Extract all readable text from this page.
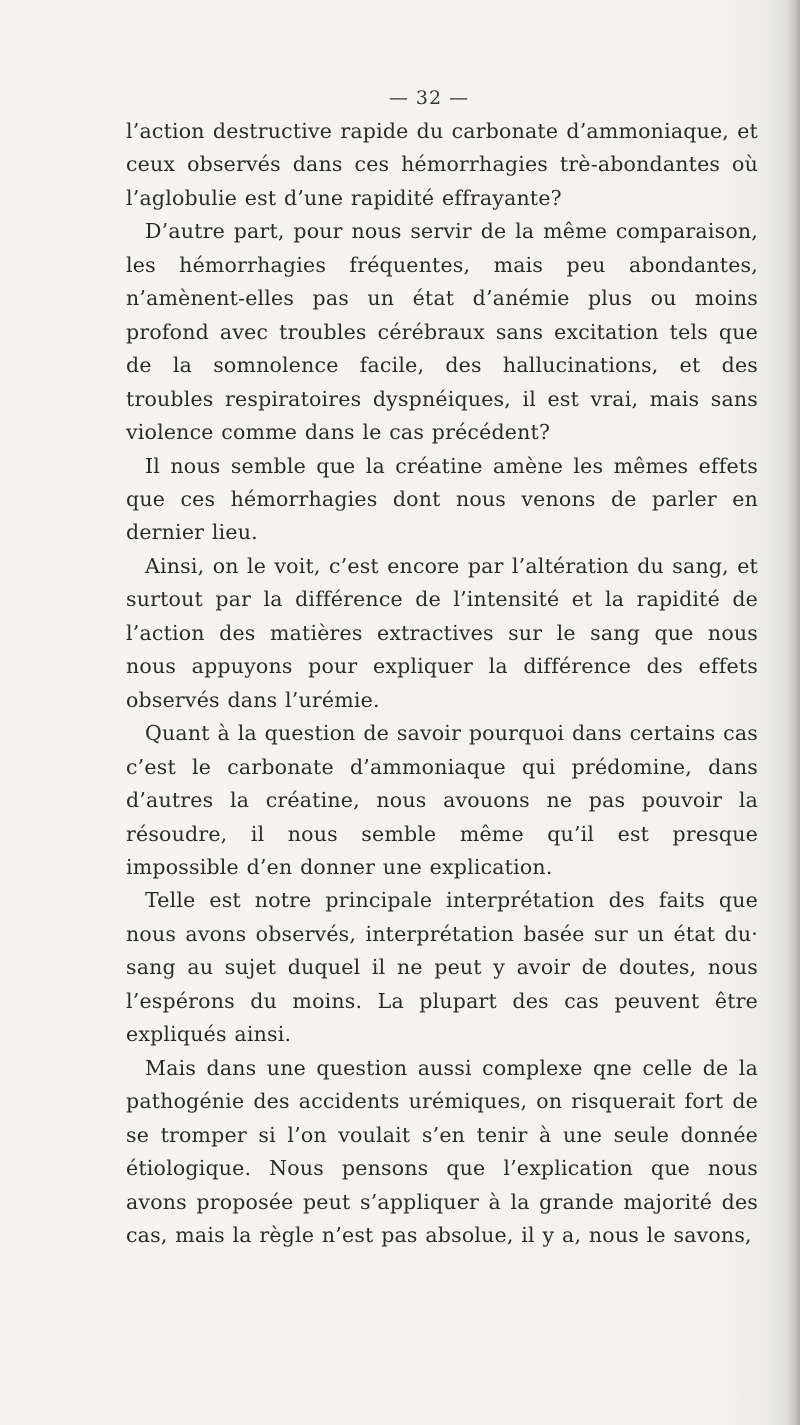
— 32 —

l’action destructive rapide du carbonate d’ammoniaque, et ceux observés dans ces hémorrhagies trè-abondantes où l’aglobulie est d’une rapidité effrayante?

D’autre part, pour nous servir de la même comparaison, les hémorrhagies fréquentes, mais peu abondantes, n’amènent-elles pas un état d’anémie plus ou moins profond avec troubles cérébraux sans excitation tels que de la somnolence facile, des hallucinations, et des troubles respiratoires dyspnéiques, il est vrai, mais sans violence comme dans le cas précédent?

Il nous semble que la créatine amène les mêmes effets que ces hémorrhagies dont nous venons de parler en dernier lieu.

Ainsi, on le voit, c’est encore par l’altération du sang, et surtout par la différence de l’intensité et la rapidité de l’action des matières extractives sur le sang que nous nous appuyons pour expliquer la différence des effets observés dans l’urémie.

Quant à la question de savoir pourquoi dans certains cas c’est le carbonate d’ammoniaque qui prédomine, dans d’autres la créatine, nous avouons ne pas pouvoir la résoudre, il nous semble même qu’il est presque impossible d’en donner une explication.

Telle est notre principale interprétation des faits que nous avons observés, interprétation basée sur un état du· sang au sujet duquel il ne peut y avoir de doutes, nous l’espérons du moins. La plupart des cas peuvent être expliqués ainsi.

Mais dans une question aussi complexe qne celle de la pathogénie des accidents urémiques, on risquerait fort de se tromper si l’on voulait s’en tenir à une seule donnée étiologique. Nous pensons que l’explication que nous avons proposée peut s’appliquer à la grande majorité des cas, mais la règle n’est pas absolue, il y a, nous le savons,
